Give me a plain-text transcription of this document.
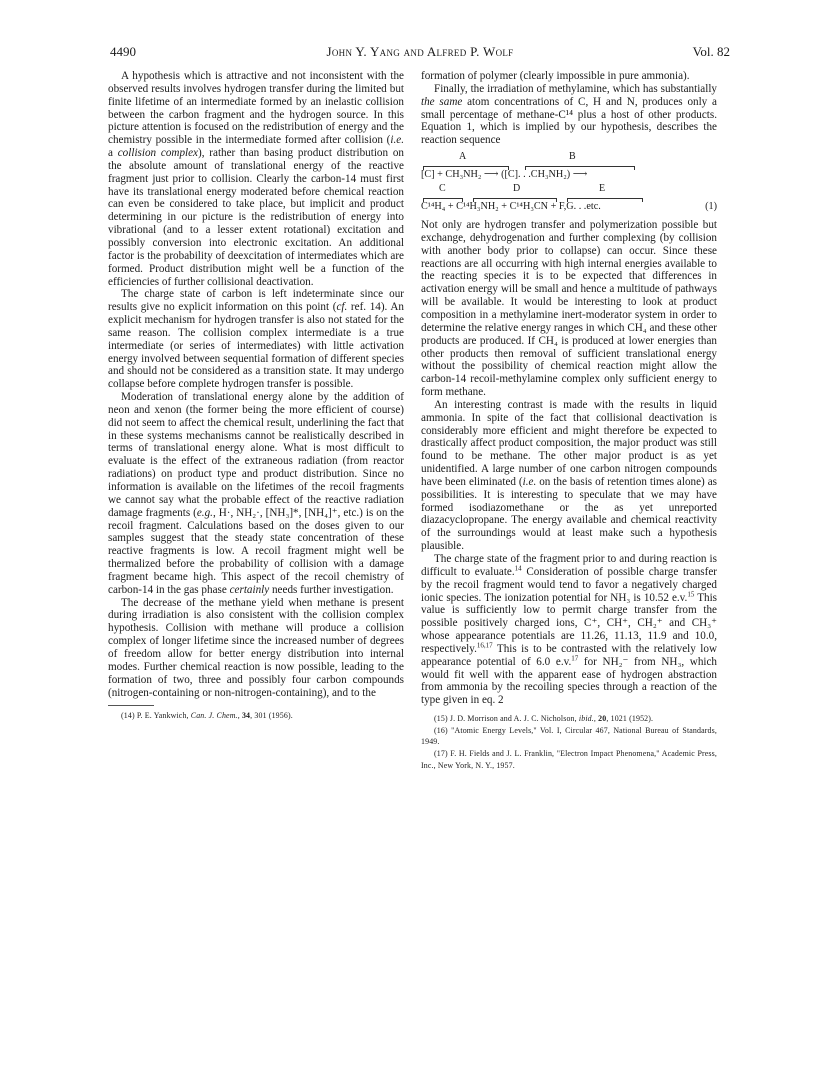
4490	John Y. Yang and Alfred P. Wolf	Vol. 82

A hypothesis which is attractive and not inconsistent with the observed results involves hydrogen transfer during the limited but finite lifetime of an intermediate formed by an inelastic collision between the carbon fragment and the hydrogen source. In this picture attention is focused on the redistribution of energy and the chemistry possible in the intermediate formed after collision (i.e. a collision complex), rather than basing product distribution on the absolute amount of translational energy of the reactive fragment just prior to collision. Clearly the carbon-14 must first have its translational energy moderated before chemical reaction can even be considered to take place, but implicit and product determining in our picture is the redistribution of energy into vibrational (and to a lesser extent rotational) excitation and possibly conversion into electronic excitation. An additional factor is the probability of deexcitation of intermediates which are formed. Product distribution might well be a function of the efficiencies of further collisional deactivation.

The charge state of carbon is left indeterminate since our results give no explicit information on this point (cf. ref. 14). An explicit mechanism for hydrogen transfer is also not stated for the same reason. The collision complex intermediate is a true intermediate (or series of intermediates) with little activation energy involved between sequential formation of different species and should not be considered as a transition state. It may undergo collapse before complete hydrogen transfer is possible.

Moderation of translational energy alone by the addition of neon and xenon (the former being the more efficient of course) did not seem to affect the chemical result, underlining the fact that in these systems mechanisms cannot be realistically described in terms of translational energy alone. What is most difficult to evaluate is the effect of the extraneous radiation (from reactor radiations) on product type and product distribution. Since no information is available on the lifetimes of the recoil fragments we cannot say what the probable effect of the reactive radiation damage fragments (e.g., H·, NH₂·, [NH₃]*, [NH₄]⁺, etc.) is on the recoil fragment. Calculations based on the doses given to our samples suggest that the steady state concentration of these reactive fragments is low. A recoil fragment might well be thermalized before the probability of collision with a damage fragment became high. This aspect of the recoil chemistry of carbon-14 in the gas phase certainly needs further investigation.

The decrease of the methane yield when methane is present during irradiation is also consistent with the collision complex hypothesis. Collision with methane will produce a collision complex of longer lifetime since the increased number of degrees of freedom allow for better energy distribution into internal modes. Further chemical reaction is now possible, leading to the formation of two, three and possibly four carbon compounds (nitrogen-containing or non-nitrogen-containing), and to the

(14) P. E. Yankwich, Can. J. Chem., 34, 301 (1956).

formation of polymer (clearly impossible in pure ammonia).

Finally, the irradiation of methylamine, which has substantially the same atom concentrations of C, H and N, produces only a small percentage of methane-C¹⁴ plus a host of other products. Equation 1, which is implied by our hypothesis, describes the reaction sequence

A	B
[C] + CH₃NH₂ ⟶ ([C]. . .CH₃NH₂) ⟶
C	D	E
C¹⁴H₄ + C¹⁴H₃NH₂ + C¹⁴H₃CN + F,G. . .etc.	(1)

Not only are hydrogen transfer and polymerization possible but exchange, dehydrogenation and further complexing (by collision with another body prior to collapse) can occur. Since these reactions are all occurring with high internal energies available to the reacting species it is to be expected that differences in activation energy will be small and hence a multitude of pathways will be available. It would be interesting to look at product composition in a methylamine inert-moderator system in order to determine the relative energy ranges in which CH₄ and these other products are produced. If CH₄ is produced at lower energies than other products then removal of sufficient translational energy without the possibility of chemical reaction might allow the carbon-14 recoil-methylamine complex only sufficient energy to form methane.

An interesting contrast is made with the results in liquid ammonia. In spite of the fact that collisional deactivation is considerably more efficient and might therefore be expected to drastically affect product composition, the major product was still found to be methane. The other major product is as yet unidentified. A large number of one carbon nitrogen compounds have been eliminated (i.e. on the basis of retention times alone) as possibilities. It is interesting to speculate that we may have formed isodiazomethane or the as yet unreported diazacyclopropane. The energy available and chemical reactivity of the surroundings would at least make such a hypothesis plausible.

The charge state of the fragment prior to and during reaction is difficult to evaluate.$^{14}$ Consideration of possible charge transfer by the recoil fragment would tend to favor a negatively charged ionic species. The ionization potential for NH₃ is 10.52 e.v.$^{15}$ This value is sufficiently low to permit charge transfer from the possible positively charged ions, C⁺, CH⁺, CH₂⁺ and CH₃⁺ whose appearance potentials are 11.26, 11.13, 11.9 and 10.0, respectively.$^{16,17}$ This is to be contrasted with the relatively low appearance potential of 6.0 e.v.$^{17}$ for NH₂⁻ from NH₃, which would fit well with the apparent ease of hydrogen abstraction from ammonia by the recoiling species through a reaction of the type given in eq. 2

(15) J. D. Morrison and A. J. C. Nicholson, ibid., 20, 1021 (1952).

(16) "Atomic Energy Levels," Vol. I, Circular 467, National Bureau of Standards, 1949.

(17) F. H. Fields and J. L. Franklin, "Electron Impact Phenomena," Academic Press, Inc., New York, N. Y., 1957.
